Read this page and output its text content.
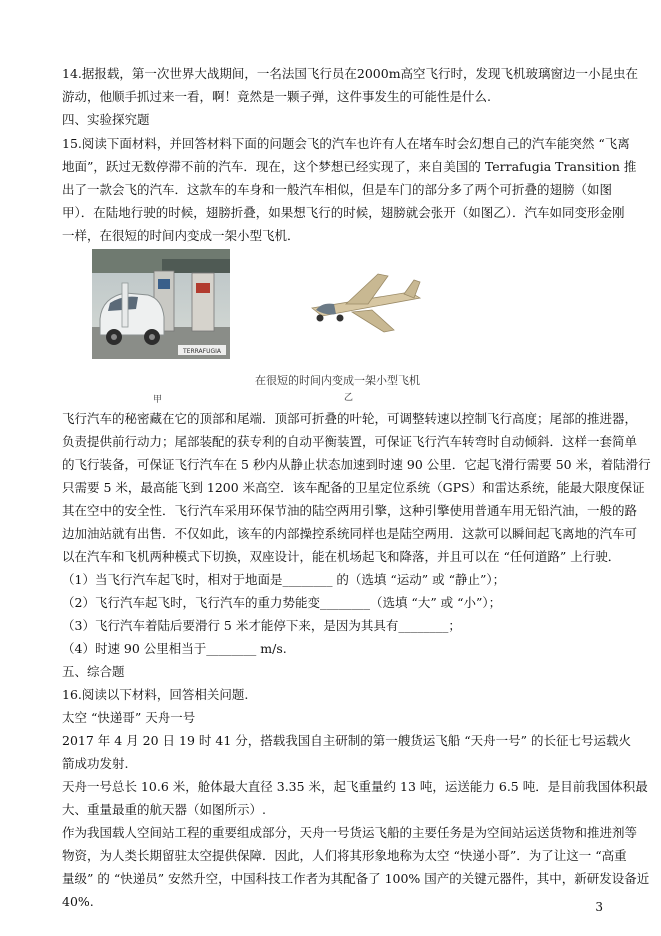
14.据报载，第一次世界大战期间，一名法国飞行员在2000m高空飞行时，发现飞机玻璃窗边一小昆虫在
游动，他顺手抓过来一看，啊！竟然是一颗子弹，这件事发生的可能性是什么.
四、实验探究题
15.阅读下面材料，并回答材料下面的问题会飞的汽车也许有人在堵车时会幻想自己的汽车能突然 “飞离
地面”，跃过无数停滞不前的汽车．现在，这个梦想已经实现了，来自美国的 Terrafugia Transition 推
出了一款会飞的汽车．这款车的车身和一般汽车相似，但是车门的部分多了两个可折叠的翅膀（如图
甲）．在陆地行驶的时候，翅膀折叠，如果想飞行的时候，翅膀就会张开（如图乙）．汽车如同变形金刚
一样，在很短的时间内变成一架小型飞机．
TERRAFUGIA
在很短的时间内变成一架小型飞机
甲	乙
飞行汽车的秘密藏在它的顶部和尾端．顶部可折叠的叶轮，可调整转速以控制飞行高度；尾部的推进器，
负责提供前行动力；尾部装配的获专利的自动平衡装置，可保证飞行汽车转弯时自动倾斜．这样一套简单
的飞行装备，可保证飞行汽车在 5 秒内从静止状态加速到时速 90 公里．它起飞滑行需要 50 米，着陆滑行
只需要 5 米，最高能飞到 1200 米高空．该车配备的卫星定位系统（GPS）和雷达系统，能最大限度保证
其在空中的安全性．飞行汽车采用环保节油的陆空两用引擎，这种引擎使用普通车用无铅汽油，一般的路
边加油站就有出售．不仅如此，该车的内部操控系统同样也是陆空两用．这款可以瞬间起飞离地的汽车可
以在汽车和飞机两种模式下切换，双座设计，能在机场起飞和降落，并且可以在 “任何道路” 上行驶．
（1）当飞行汽车起飞时，相对于地面是________ 的（选填 “运动” 或 “静止”）；
（2）飞行汽车起飞时，飞行汽车的重力势能变________（选填 “大” 或 “小”）；
（3）飞行汽车着陆后要滑行 5 米才能停下来，是因为其具有________；
（4）时速 90 公里相当于________ m/s.
五、综合题
16.阅读以下材料，回答相关问题.
太空 “快递哥” 天舟一号
2017 年 4 月 20 日 19 时 41 分，搭载我国自主研制的第一艘货运飞船 “天舟一号” 的长征七号运载火
箭成功发射.
天舟一号总长 10.6 米，舱体最大直径 3.35 米，起飞重量约 13 吨，运送能力 6.5 吨．是目前我国体积最
大、重量最重的航天器（如图所示）.
作为我国载人空间站工程的重要组成部分，天舟一号货运飞船的主要任务是为空间站运送货物和推进剂等
物资，为人类长期留驻太空提供保障．因此，人们将其形象地称为太空 “快递小哥”．为了让这一 “高重
量级” 的 “快递员” 安然升空，中国科技工作者为其配备了 100% 国产的关键元器件，其中，新研发设备近
40%.	3
